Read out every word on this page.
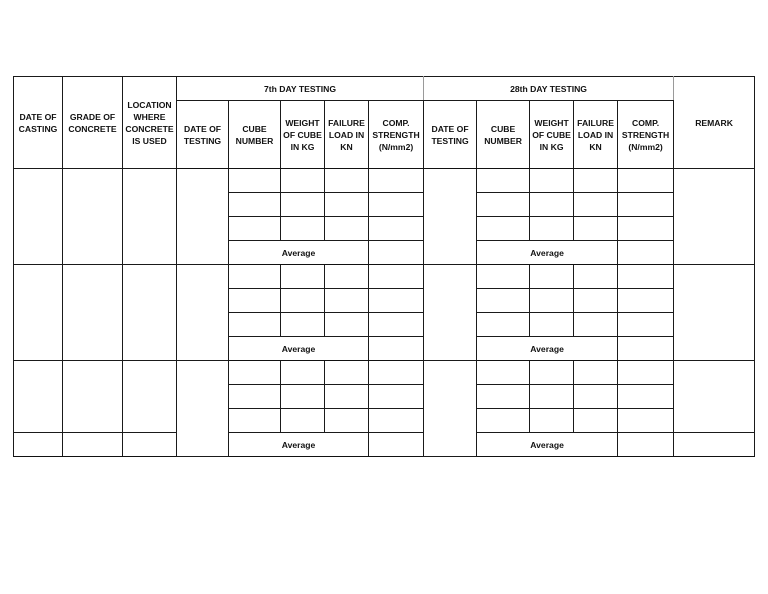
DATE OF CASTING	GRADE OF CONCRETE	LOCATION WHERE CONCRETE IS USED	7th DAY TESTING					28th DAY TESTING					REMARK
			DATE OF TESTING	CUBE NUMBER	WEIGHT OF CUBE IN KG	FAILURE LOAD IN KN	COMP. STRENGTH (N/mm2)	DATE OF TESTING	CUBE NUMBER	WEIGHT OF CUBE IN KG	FAILURE LOAD IN KN	COMP. STRENGTH (N/mm2)	

				Average					Average				

				Average					Average				

				Average					Average				
